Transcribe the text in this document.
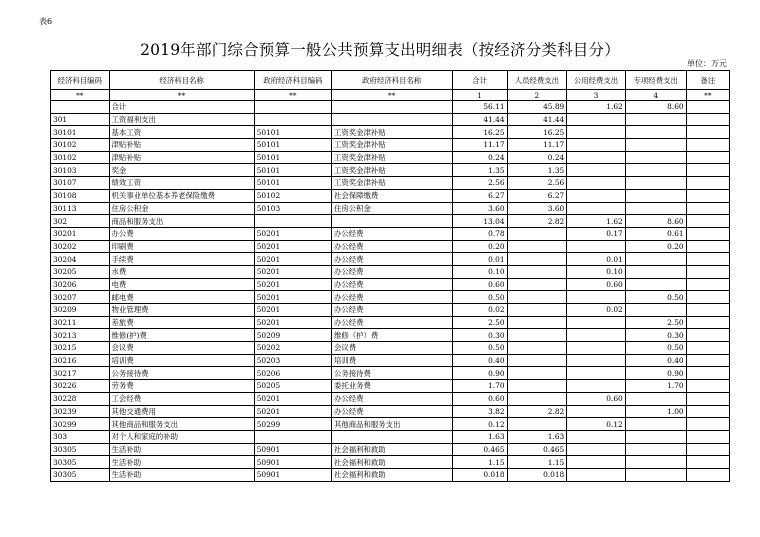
表6
2019年部门综合预算一般公共预算支出明细表（按经济分类科目分）
单位：万元
经济科目编码	经济科目名称	政府经济科目编码	政府经济科目名称	合计	人员经费支出	公用经费支出	专项经费支出	备注
**	**	**	**	1	2	3	4	**
	合计			56.11	45.89	1.62	8.60	
301	工资福利支出			41.44	41.44			
30101	基本工资	50101	工资奖金津补贴	16.25	16.25			
30102	津贴补贴	50101	工资奖金津补贴	11.17	11.17			
30102	津贴补贴	50101	工资奖金津补贴	0.24	0.24			
30103	奖金	50101	工资奖金津补贴	1.35	1.35			
30107	绩效工资	50101	工资奖金津补贴	2.56	2.56			
30108	机关事业单位基本养老保险缴费	50102	社会保障缴费	6.27	6.27			
30113	住房公积金	50103	住房公积金	3.60	3.60			
302	商品和服务支出			13.04	2.82	1.62	8.60	
30201	办公费	50201	办公经费	0.78		0.17	0.61	
30202	印刷费	50201	办公经费	0.20			0.20	
30204	手续费	50201	办公经费	0.01		0.01		
30205	水费	50201	办公经费	0.10		0.10		
30206	电费	50201	办公经费	0.60		0.60		
30207	邮电费	50201	办公经费	0.50			0.50	
30209	物业管理费	50201	办公经费	0.02		0.02		
30211	差旅费	50201	办公经费	2.50			2.50	
30213	维修(护)费	50209	维修（护）费	0.30			0.30	
30215	会议费	50202	会议费	0.50			0.50	
30216	培训费	50203	培训费	0.40			0.40	
30217	公务接待费	50206	公务接待费	0.90			0.90	
30226	劳务费	50205	委托业务费	1.70			1.70	
30228	工会经费	50201	办公经费	0.60		0.60		
30239	其他交通费用	50201	办公经费	3.82	2.82		1.00	
30299	其他商品和服务支出	50299	其他商品和服务支出	0.12		0.12		
303	对个人和家庭的补助			1.63	1.63			
30305	生活补助	50901	社会福利和救助	0.465	0.465			
30305	生活补助	50901	社会福利和救助	1.15	1.15			
30305	生活补助	50901	社会福利和救助	0.018	0.018			
